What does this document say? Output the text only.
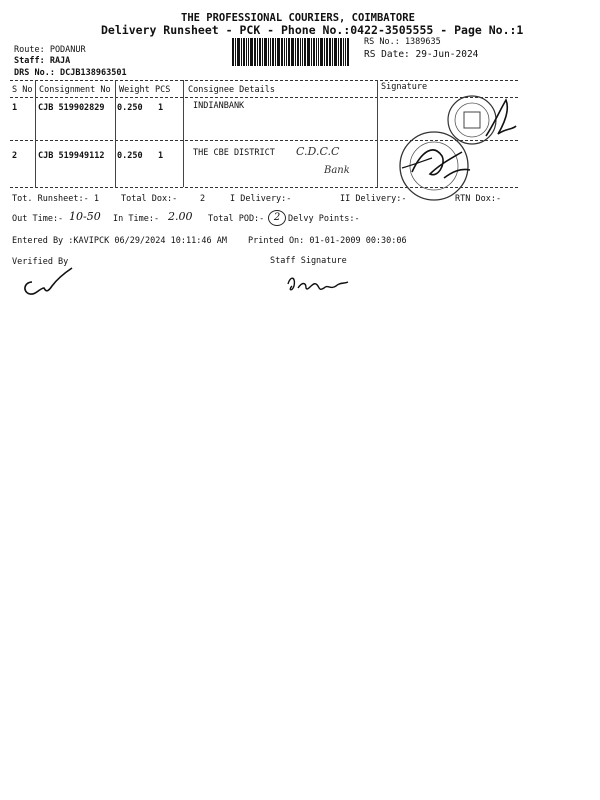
THE PROFESSIONAL COURIERS, COIMBATORE
Delivery Runsheet - PCK - Phone No.:0422-3505555 - Page No.:1
Route: PODANUR
Staff: RAJA
DRS No.: DCJB138963501
RS No.: 1389635
RS Date: 29-Jun-2024
S No Consignment No Weight PCS Consignee Details	Signature
1 CJB 519902829 0.250 1	INDIANBANK
2 CJB 519949112 0.250 1	THE CBE DISTRICT C.D.C.C
Bank
Tot. Runsheet:- 1	Total Dox:-	2	I Delivery:-	II Delivery:-	RTN Dox:-
Out Time:- 10-50 In Time:- 2.00 Total POD:- 2 Delvy Points:-
Entered By :KAVIPCK 06/29/2024 10:11:46 AM Printed On: 01-01-2009 00:30:06
Verified By	Staff Signature
